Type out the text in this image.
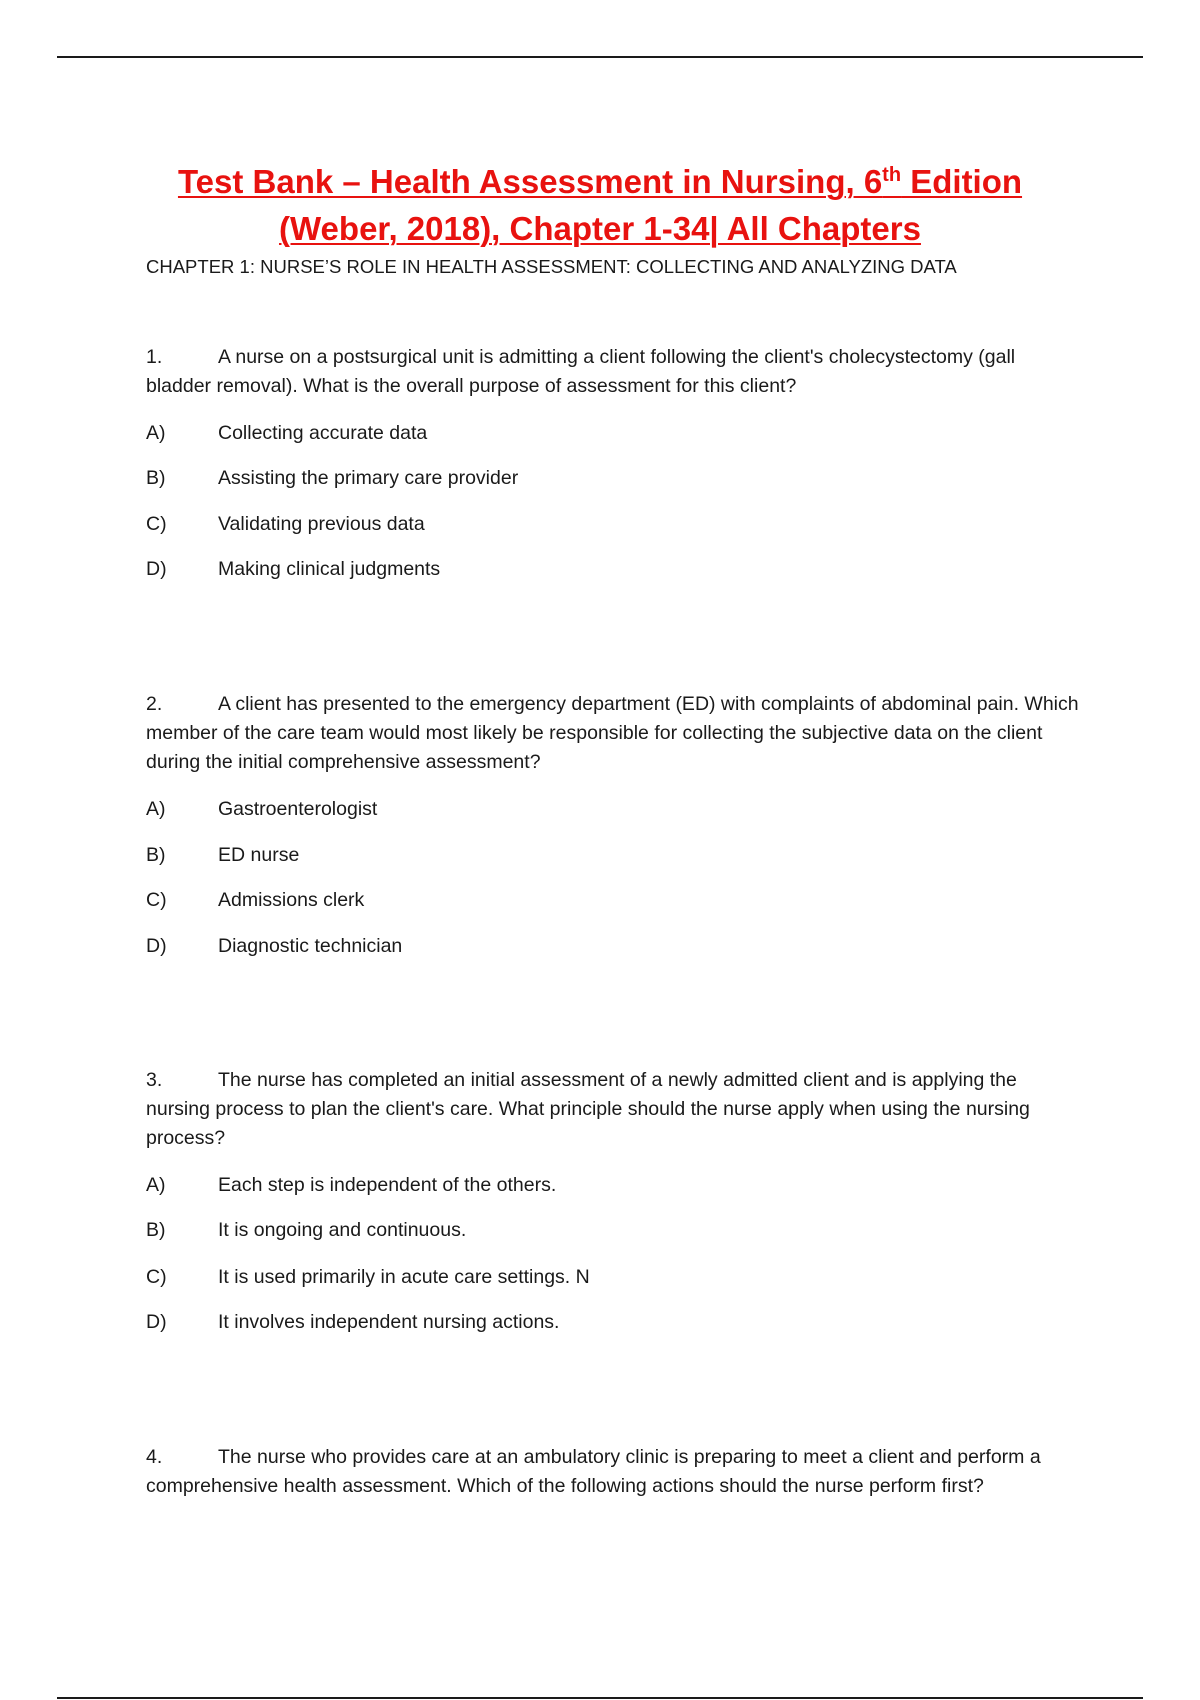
Test Bank – Health Assessment in Nursing, 6th Edition
(Weber, 2018), Chapter 1-34| All Chapters
CHAPTER 1: NURSE’S ROLE IN HEALTH ASSESSMENT: COLLECTING AND ANALYZING DATA
1.	A nurse on a postsurgical unit is admitting a client following the client's cholecystectomy (gall bladder removal). What is the overall purpose of assessment for this client?
A)	Collecting accurate data
B)	Assisting the primary care provider
C)	Validating previous data
D)	Making clinical judgments
2.	A client has presented to the emergency department (ED) with complaints of abdominal pain. Which member of the care team would most likely be responsible for collecting the subjective data on the client during the initial comprehensive assessment?
A)	Gastroenterologist
B)	ED nurse
C)	Admissions clerk
D)	Diagnostic technician
3.	The nurse has completed an initial assessment of a newly admitted client and is applying the nursing process to plan the client's care. What principle should the nurse apply when using the nursing process?
A)	Each step is independent of the others.
B)	It is ongoing and continuous.
C)	It is used primarily in acute care settings. N
D)	It involves independent nursing actions.
4.	The nurse who provides care at an ambulatory clinic is preparing to meet a client and perform a comprehensive health assessment. Which of the following actions should the nurse perform first?
